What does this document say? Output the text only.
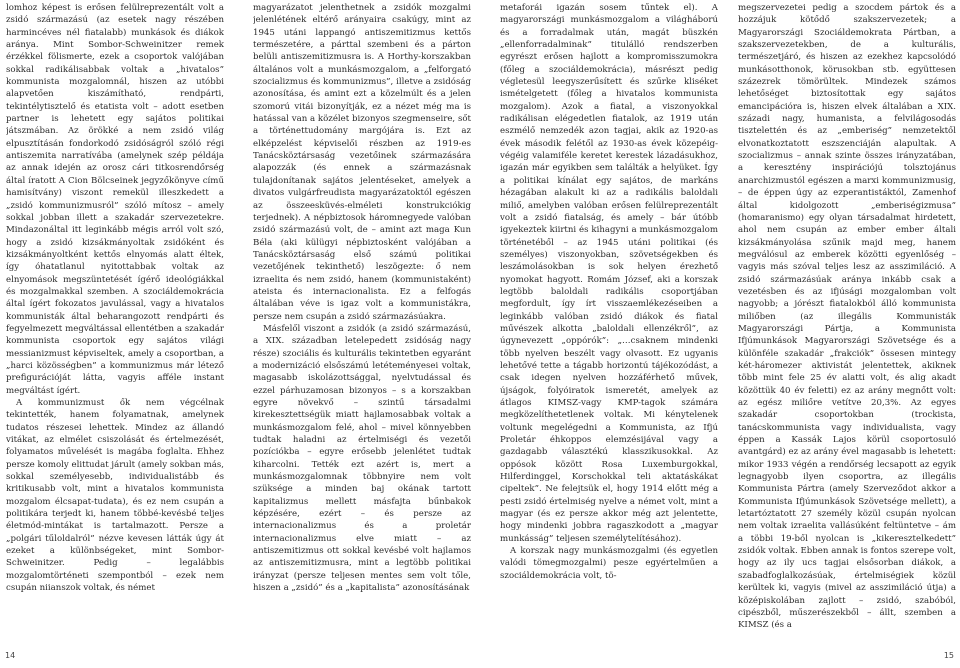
lomhoz képest is erősen felülreprezentált volt a zsidó származású (az esetek nagy részében harmincéves nél fiatalabb) munkások és diákok aránya. Mint Sombor-Schweinitzer remek érzékkel fölismerte, ezek a csoportok valójában sokkal radikálisabbak voltak a „hivatalos” kommunista mozgalomnál, hiszen az utóbbi alapvetően kiszámítható, rendpárti, tekintélytisztelő és etatista volt – adott esetben partner is lehetett egy sajátos politikai játszmában. Az örökké a nem zsidó világ elpusztításán fondorkodó zsidóságról szóló régi antiszemita narratívába (amelynek szép példája az annak idején az orosz cári titkosrendőrség által íratott A Cion Bölcseinek jegyzőkönyve című hamisítvány) viszont remekül illeszkedett a „zsidó kommunizmusról” szóló mítosz – amely sokkal jobban illett a szakadár szervezetekre. Mindazonáltal itt leginkább mégis arról volt szó, hogy a zsidó kizsákmányoltak zsidóként és kizsákmányoltként kettős elnyomás alatt éltek, így óhatatlanul nyitottabbak voltak az elnyomások megszüntetését ígérő ideológiákkal és mozgalmakkal szemben. A szociáldemokrácia által ígért fokozatos javulással, vagy a hivatalos kommunisták által beharangozott rendpárti és fegyelmezett megváltással ellentétben a szakadár kommunista csoportok egy sajátos világi messianizmust képviseltek, amely a csoportban, a „harci közösségben” a kommunizmus már létező prefigurációját látta, vagyis afféle instant megváltást ígért.

A kommunizmust ők nem végcélnak tekintették, hanem folyamatnak, amelynek tudatos részesei lehettek. Mindez az állandó vitákat, az elmélet csiszolását és értelmezését, folyamatos művelését is magába foglalta. Ehhez persze komoly elittudat járult (amely sokban más, sokkal személyesebb, individualistább és kritikusabb volt, mint a hivatalos kommunista mozgalom élcsapat-tudata), és ez nem csupán a politikára terjedt ki, hanem többé-kevésbé teljes életmód-mintákat is tartalmazott. Persze a „polgári tűloldalról” nézve kevesen látták úgy át ezeket a különbségeket, mint Sombor-Schweinitzer. Pedig – legalábbis mozgalomtörténeti szempontból – ezek nem csupán niianszok voltak, és német

magyarázatot jelenthetnek a zsidók mozgalmi jelenlétének eltérő arányaira csakúgy, mint az 1945 utáni lappangó antiszemitizmus kettős természetére, a párttal szembeni és a párton belüli antiszemitizmusra is. A Horthy-korszakban általános volt a munkásmozgalom, a „felforgató szocializmus és kommunizmus”, illetve a zsidóság azonosítása, és amint ezt a közelmúlt és a jelen szomorú vitái bizonyítják, ez a nézet még ma is hatással van a közélet bizonyos szegmenseire, sőt a történettudomány margójára is. Ezt az elképzelést képviselői részben az 1919-es Tanácsköztársaság vezetőinek származására alapozzák (és ennek a származásnak tulajdonítanak sajátos jelentéseket, amelyek a divatos vulgárfreudista magyarázatoktól egészen az összeesküvés-elméleti konstrukciókig terjednek). A népbiztosok háromnegyede valóban zsidó származású volt, de – amint azt maga Kun Béla (aki külügyi népbiztosként valójában a Tanácsköztársaság első számú politikai vezetőjének tekinthető) leszögezte: ő nem izraelita és nem zsidó, hanem (kommunistaként) ateista és internacionalista. Ez a felfogás általában véve is igaz volt a kommunistákra, persze nem csupán a zsidó származásúakra.

Másfelől viszont a zsidók (a zsidó származású, a XIX. században letelepedett zsidóság nagy része) szociális és kulturális tekintetben egyaránt a modernizáció elsőszámú letéteményesei voltak, magasabb iskolázottsággal, nyelvtudással és ezzel párhuzamosan bizonyos – s a korszakban egyre növekvő – szintű társadalmi kirekesztettségük miatt hajlamosabbak voltak a munkásmozgalom felé, ahol – mivel könnyebben tudtak haladni az értelmiségi és vezetői pozíciókba – egyre erősebb jelenlétet tudtak kiharcolni. Tették ezt azért is, mert a munkásmozgalomnak többnyire nem volt szüksége a minden baj okának tartott kapitalizmus mellett másfajta bűnbakok képzésére, ezért – és persze az internacionalizmus és a proletár internacionalizmus elve miatt – az antiszemitizmus ott sokkal kevésbé volt hajlamos az antiszemitizmusra, mint a legtöbb politikai irányzat (persze teljesen mentes sem volt tőle, hiszen a „zsidó” és a „kapitalista” azonosításának

metaforái igazán sosem tűntek el). A magyarországi munkásmozgalom a világháború és a forradalmak után, magát büszkén „ellenforradalminak” titulálló rendszerben egyrészt erősen hajlott a kompromisszumokra (főleg a szociáldemokrácia), másrészt pedig végletesül leegyszerűsített és szűrke kliséket ismételgetett (főleg a hivatalos kommunista mozgalom). Azok a fiatal, a viszonyokkal radikálisan elégedetlen fiatalok, az 1919 után eszmélő nemzedék azon tagjai, akik az 1920-as évek második felétől az 1930-as évek közepéig-végéig valamiféle keretet kerestek lázadásukhoz, igazán már egyikben sem találták a helyüket. Így a politikai kínálat egy sajátos, de markáns hézagában alakult ki az a radikális baloldali miliő, amelyben valóban erősen felülreprezentált volt a zsidó fiatalság, és amely – bár útóbb igyekeztek kiirtni és kihagyni a munkásmozgalom történetéből – az 1945 utáni politikai (és személyes) viszonyokban, szövetségekben és leszámolásokban is sok helyen érezhető nyomokat hagyott. Romám József, aki a korszak legtöbb baloldali radikális csoportjában megfordult, így írt visszaemlékezéseiben a leginkább valóban zsidó diákok és fiatal művészek alkotta „baloldali ellenzékről”, az úgynevezett „oppórók”: „…csaknem mindenki több nyelven beszélt vagy olvasott. Ez ugyanis lehetővé tette a tágabb horizontú tájékozódást, a csak idegen nyelven hozzáférhető művek, újságok, folyóiratok ismeretét, amelyek az átlagos KIMSZ-vagy KMP-tagok számára megközelíthetetlenek voltak. Mi kénytelenek voltunk megelégedni a Kommunista, az Ifjú Proletár éhkoppos elemzésijával vagy a gazdagabb választékú klasszikusokkal. Az oppósok között Rosa Luxemburgokkal, Hilferdinggel, Korschokkal teli aktatáskákat cipeltek”. Ne felejtsük el, hogy 1914 előtt még a pesti zsidó értelmiség nyelve a német volt, mint a magyar (és ez persze akkor még azt jelentette, hogy mindenki jobbra ragaszkodott a „magyar munkásság” teljesen személytelítésához).

A korszak nagy munkásmozgalmi (és egyetlen valódi tömegmozgalmi) pesze egyértelműen a szociáldemokrácia volt, tö-

megszervezetei pedig a szocdem pártok és a hozzájuk kötődő szakszervezetek; a Magyarországi Szociáldemokrata Pártban, a szakszervezetekben, de a kulturális, természetjáró, és hiszen az ezekhez kapcsolódó munkásotthonok, körusokban stb. együttesen százezrek tömörültek. Mindezek számos lehetőséget biztosítottak egy sajátos emancipációra is, hiszen elvek általában a XIX. századi nagy, humanista, a felvilágosodás tisztelettén és az „emberiség” nemzetektől elvonatkoztatott eszszenciáján alapultak. A szocializmus – annak szinte összes irányzatában, a keresztény inspirációjú tolsztojánus anarchizmustól egészen a marxi kommunizmusig, – de éppen úgy az ezperantistáktól, Zamenhof által kidolgozott „emberiségizmusa” (homaranismo) egy olyan társadalmat hirdetett, ahol nem csupán az ember ember általi kizsákmányolása szűnik majd meg, hanem megválósul az emberek közötti egyenlőség – vagyis más szóval teljes lesz az asszimiláció. A zsidó származásúak aránya inkább csak a vezetésben és az ifjúsági mozgalomban volt nagyobb; a jórészt fiatalokból álló kommunista miliőben (az illegális Kommunisták Magyarországi Pártja, a Kommunista Ifjúmunkások Magyarországi Szövetsége és a különféle szakadár „frakciók” össesen mintegy két-háromezer aktivistát jelentettek, akiknek több mint fele 25 év alatti volt, és alig akadt közöttük 40 év feletti) ez az arány megnőtt volt: az egész miliőre vetítve 20,3%. Az egyes szakadár csoportokban (trockista, tanácskommunista vagy individualista, vagy éppen a Kassák Lajos körül csoportosuló avantgárd) ez az arány ével magasabb is lehetett: mikor 1933 végén a rendőrség lecsapott az egyik legnagyobb ilyen csoportra, az illegális Kommunista Pártra (amely Szerveződot akkor a Kommunista Ifjúmunkások Szövetsége mellett), a letartóztatott 27 személy közül csupán nyolcan nem voltak izraelita vallásúként feltüntetve – ám a többi 19-ből nyolcan is „kikeresztelkedett” zsidók voltak. Ebben annak is fontos szerepe volt, hogy az ily ucs tagjai elsősorban diákok, a szabadfoglalkozásúak, értelmiségiek közül kerültek ki, vagyis (mivel az asszimiláció útja) a középiskolában zajlott – zsidó, szabóból, cipészből, műszerészekből – állt, szemben a KIMSZ (és a

14	15
